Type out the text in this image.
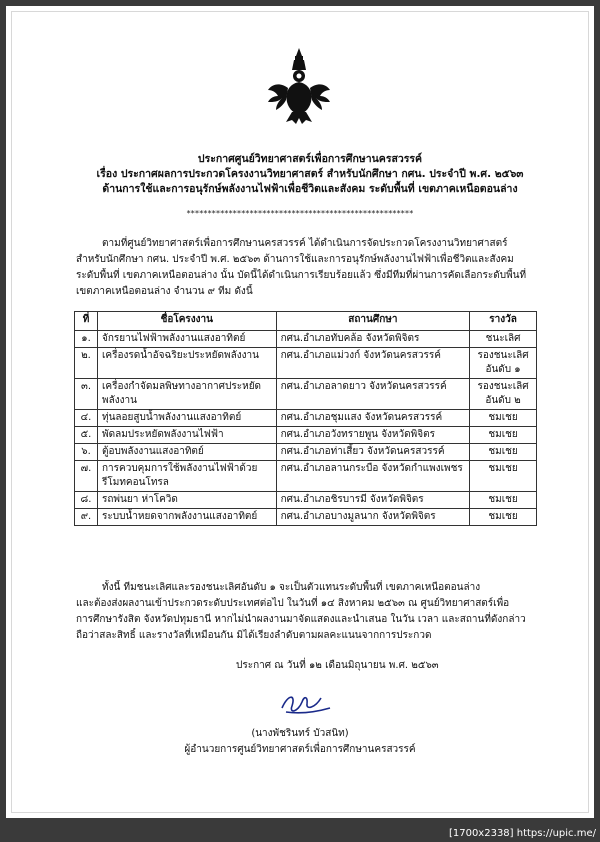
ประกาศศูนย์วิทยาศาสตร์เพื่อการศึกษานครสวรรค์
เรื่อง ประกาศผลการประกวดโครงงานวิทยาศาสตร์ สำหรับนักศึกษา กศน. ประจำปี พ.ศ. ๒๕๖๓
ด้านการใช้และการอนุรักษ์พลังงานไฟฟ้าเพื่อชีวิตและสังคม ระดับพื้นที่ เขตภาคเหนือตอนล่าง
******************************************************
ตามที่ศูนย์วิทยาศาสตร์เพื่อการศึกษานครสวรรค์ ได้ดำเนินการจัดประกวดโครงงานวิทยาศาสตร์
สำหรับนักศึกษา กศน. ประจำปี พ.ศ. ๒๕๖๓ ด้านการใช้และการอนุรักษ์พลังงานไฟฟ้าเพื่อชีวิตและสังคม
ระดับพื้นที่ เขตภาคเหนือตอนล่าง นั้น บัดนี้ได้ดำเนินการเรียบร้อยแล้ว ซึ่งมีทีมที่ผ่านการคัดเลือกระดับพื้นที่
เขตภาคเหนือตอนล่าง จำนวน ๙ ทีม ดังนี้
ที่	ชื่อโครงงาน	สถานศึกษา	รางวัล
๑.	จักรยานไฟฟ้าพลังงานแสงอาทิตย์	กศน.อำเภอทับคล้อ จังหวัดพิจิตร	ชนะเลิศ
๒.	เครื่องรดน้ำอัจฉริยะประหยัดพลังงาน	กศน.อำเภอแม่วงก์ จังหวัดนครสวรรค์	รองชนะเลิศ อันดับ ๑
๓.	เครื่องกำจัดมลพิษทางอากาศประหยัดพลังงาน	กศน.อำเภอลาดยาว จังหวัดนครสวรรค์	รองชนะเลิศ อันดับ ๒
๔.	ทุ่นลอยสูบน้ำพลังงานแสงอาทิตย์	กศน.อำเภอชุมแสง จังหวัดนครสวรรค์	ชมเชย
๕.	พัดลมประหยัดพลังงานไฟฟ้า	กศน.อำเภอวังทรายพูน จังหวัดพิจิตร	ชมเชย
๖.	ตู้อบพลังงานแสงอาทิตย์	กศน.อำเภอท่าเสี้ยว จังหวัดนครสวรรค์	ชมเชย
๗.	การควบคุมการใช้พลังงานไฟฟ้าด้วยรีโมทคอนโทรล	กศน.อำเภอลานกระบือ จังหวัดกำแพงเพชร	ชมเชย
๘.	รถพ่นยา ห่าโควิด	กศน.อำเภอชิรบารมี จังหวัดพิจิตร	ชมเชย
๙.	ระบบน้ำหยดจากพลังงานแสงอาทิตย์	กศน.อำเภอบางมูลนาก จังหวัดพิจิตร	ชมเชย
ทั้งนี้ ทีมชนะเลิศและรองชนะเลิศอันดับ ๑ จะเป็นตัวแทนระดับพื้นที่ เขตภาคเหนือตอนล่าง
และต้องส่งผลงานเข้าประกวดระดับประเทศต่อไป ในวันที่ ๑๔ สิงหาคม ๒๕๖๓ ณ ศูนย์วิทยาศาสตร์เพื่อ
การศึกษารังสิต จังหวัดปทุมธานี หากไม่นำผลงานมาจัดแสดงและนำเสนอ ในวัน เวลา และสถานที่ดังกล่าว
ถือว่าสละสิทธิ์ และรางวัลที่เหมือนกัน มิได้เรียงลำดับตามผลคะแนนจากการประกวด
ประกาศ ณ วันที่ ๑๒ เดือนมิถุนายน พ.ศ. ๒๕๖๓
(นางพัชรินทร์ บัวสนิท)
ผู้อำนวยการศูนย์วิทยาศาสตร์เพื่อการศึกษานครสวรรค์
[1700x2338] https://upic.me/
